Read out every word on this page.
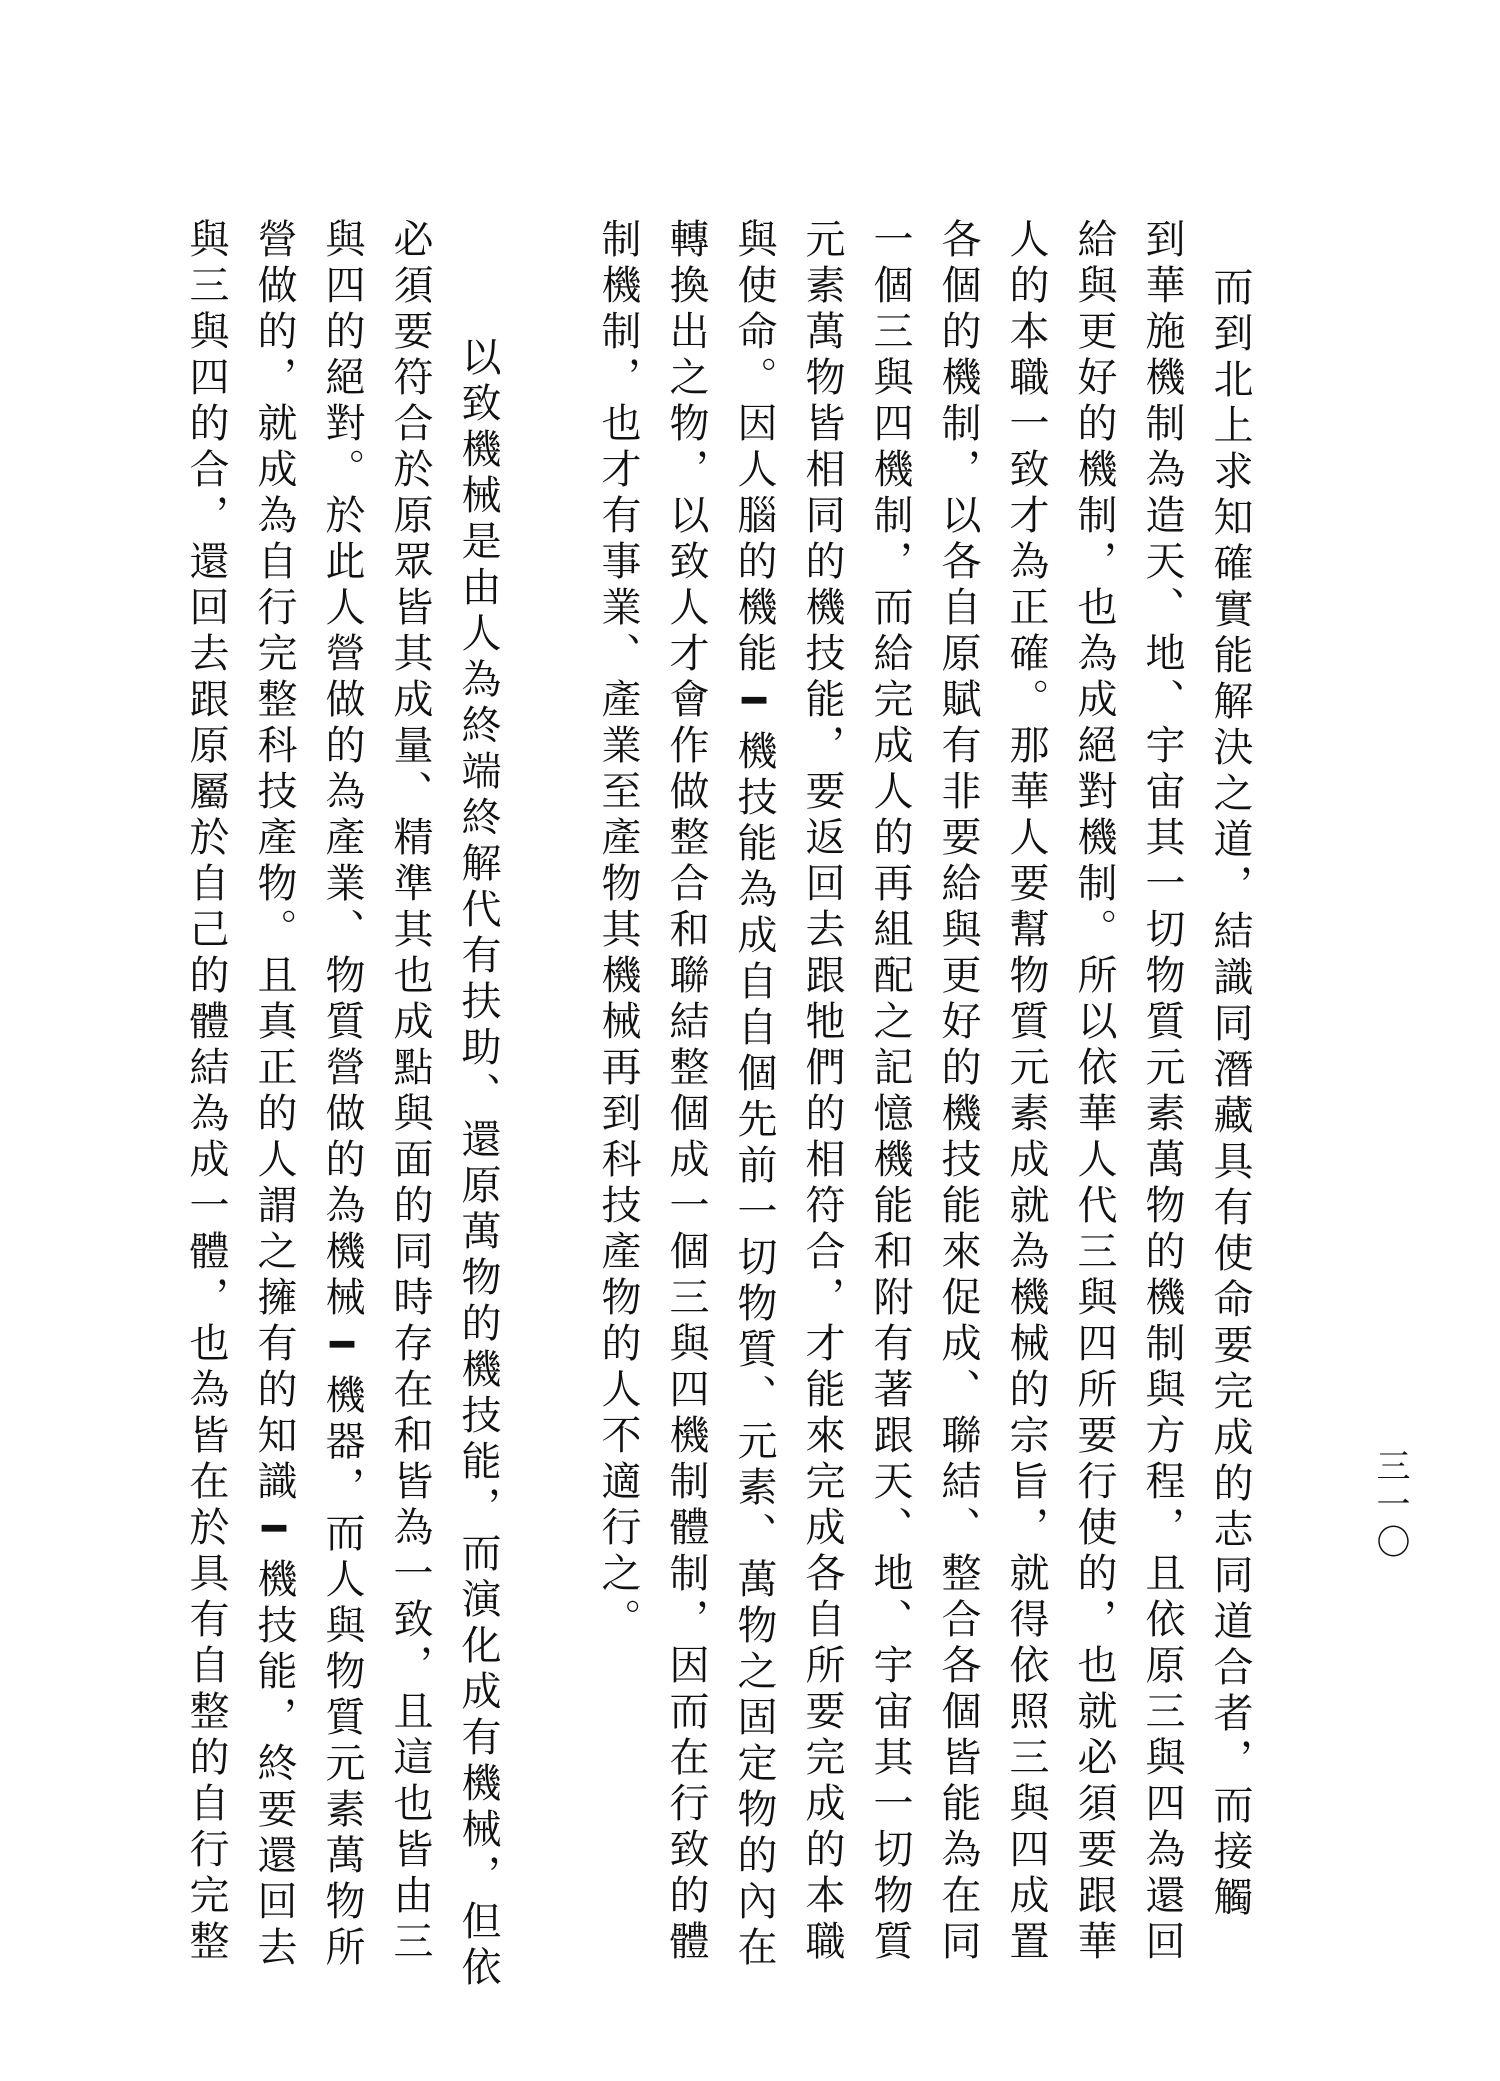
三一〇
　而到北上求知確實能解決之道，結識同潛藏具有使命要完成的志同道合者，而接觸
到華施機制為造天、地、宇宙其一切物質元素萬物的機制與方程，且依原三與四為還回
給與更好的機制，也為成絕對機制。所以依華人代三與四所要行使的，也就必須要跟華
人的本職一致才為正確。那華人要幫物質元素成就為機械的宗旨，就得依照三與四成置
各個的機制，以各自原賦有非要給與更好的機技能來促成、聯結、整合各個皆能為在同
一個三與四機制，而給完成人的再組配之記憶機能和附有著跟天、地、宇宙其一切物質
元素萬物皆相同的機技能，要返回去跟牠們的相符合，才能來完成各自所要完成的本職
與使命。因人腦的機能━機技能為成自自個先前一切物質、元素、萬物之固定物的內在
轉換出之物，以致人才會作做整合和聯結整個成一個三與四機制體制，因而在行致的體
制機制，也才有事業、產業至產物其機械再到科技產物的人不適行之。
　以致機械是由人為終端終解代有扶助、還原萬物的機技能，而演化成有機械，但依
必須要符合於原眾皆其成量、精準其也成點與面的同時存在和皆為一致，且這也皆由三
與四的絕對。於此人營做的為產業、物質營做的為機械━機器，而人與物質元素萬物所
營做的，就成為自行完整科技產物。且真正的人謂之擁有的知識━機技能，終要還回去
與三與四的合，還回去跟原屬於自己的體結為成一體，也為皆在於具有自整的自行完整
